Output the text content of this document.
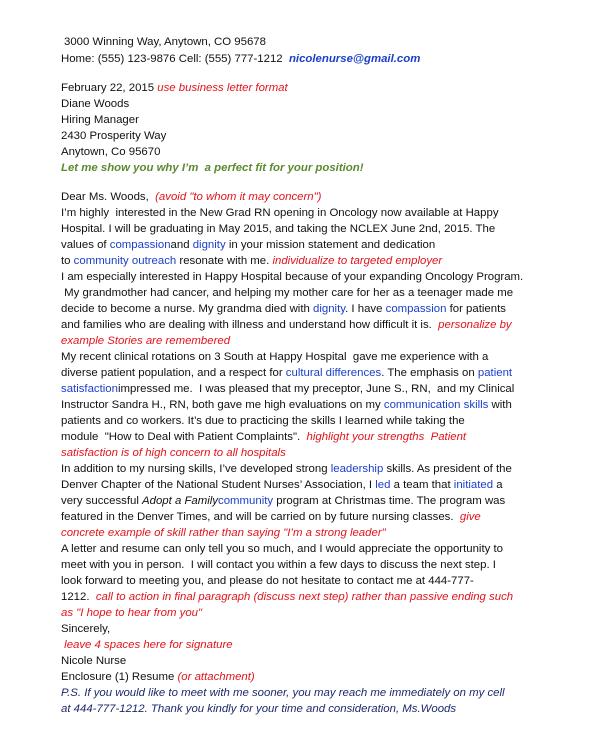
3000 Winning Way, Anytown, CO 95678
Home: (555) 123-9876 Cell: (555) 777-1212 nicolenurse@gmail.com
February 22, 2015 use business letter format
Diane Woods
Hiring Manager
2430 Prosperity Way
Anytown, Co 95670
Let me show you why I’m  a perfect fit for your position!
Dear Ms. Woods, (avoid "to whom it may concern")
I’m highly  interested in the New Grad RN opening in Oncology now available at Happy
Hospital. I will be graduating in May 2015, and taking the NCLEX June 2nd, 2015. The
values of compassionand dignity in your mission statement and dedication
to community outreach resonate with me. individualize to targeted employer
I am especially interested in Happy Hospital because of your expanding Oncology Program.
My grandmother had cancer, and helping my mother care for her as a teenager made me
decide to become a nurse. My grandma died with dignity. I have compassion for patients
and families who are dealing with illness and understand how difficult it is.  personalize by
example Stories are remembered
My recent clinical rotations on 3 South at Happy Hospital  gave me experience with a
diverse patient population, and a respect for cultural differences. The emphasis on patient
satisfactionimpressed me.  I was pleased that my preceptor, June S., RN,  and my Clinical
Instructor Sandra H., RN, both gave me high evaluations on my communication skills with
patients and co workers. It’s due to practicing the skills I learned while taking the
module  "How to Deal with Patient Complaints".  highlight your strengths  Patient
satisfaction is of high concern to all hospitals
In addition to my nursing skills, I’ve developed strong leadership skills. As president of the
Denver Chapter of the National Student Nurses’ Association, I led a team that initiated a
very successful Adopt a Familycommunity program at Christmas time. The program was
featured in the Denver Times, and will be carried on by future nursing classes.  give
concrete example of skill rather than saying "I’m a strong leader"
A letter and resume can only tell you so much, and I would appreciate the opportunity to
meet with you in person.  I will contact you within a few days to discuss the next step. I
look forward to meeting you, and please do not hesitate to contact me at 444-777-
1212.  call to action in final paragraph (discuss next step) rather than passive ending such
as "I hope to hear from you"
Sincerely,
leave 4 spaces here for signature
Nicole Nurse
Enclosure (1) Resume (or attachment)
P.S. If you would like to meet with me sooner, you may reach me immediately on my cell
at 444-777-1212. Thank you kindly for your time and consideration, Ms.Woods
